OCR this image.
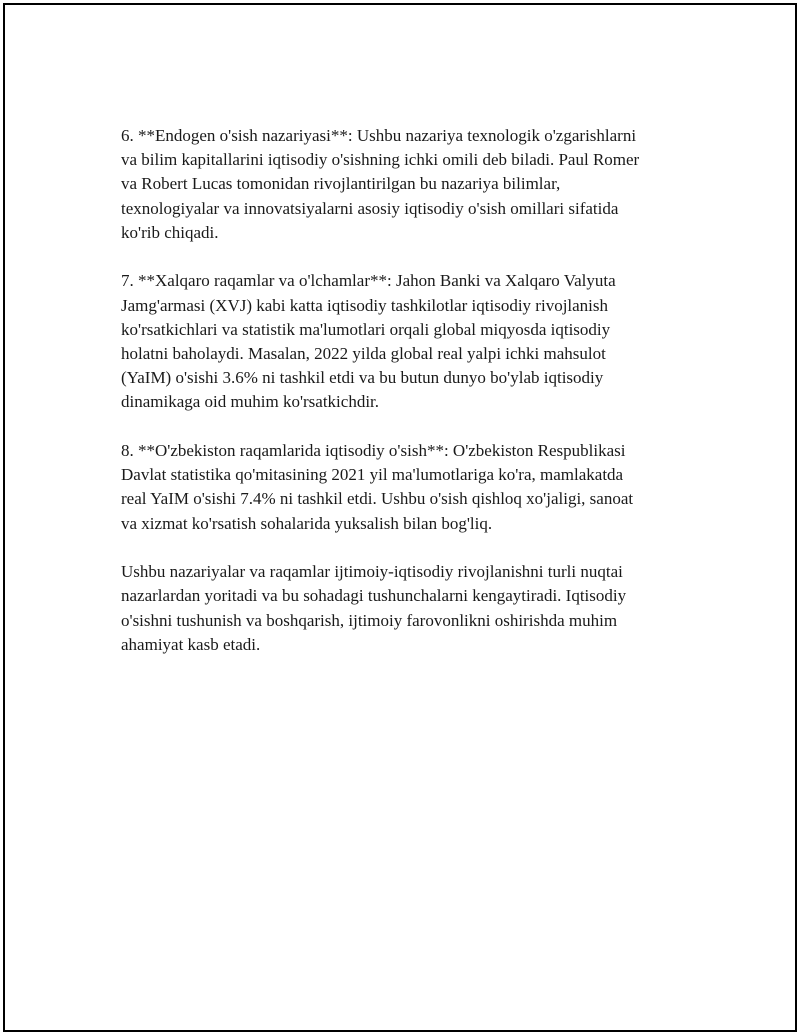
6. **Endogen o'sish nazariyasi**: Ushbu nazariya texnologik o'zgarishlarni
va bilim kapitallarini iqtisodiy o'sishning ichki omili deb biladi. Paul Romer
va Robert Lucas tomonidan rivojlantirilgan bu nazariya bilimlar,
texnologiyalar va innovatsiyalarni asosiy iqtisodiy o'sish omillari sifatida
ko'rib chiqadi.

7. **Xalqaro raqamlar va o'lchamlar**: Jahon Banki va Xalqaro Valyuta
Jamg'armasi (XVJ) kabi katta iqtisodiy tashkilotlar iqtisodiy rivojlanish
ko'rsatkichlari va statistik ma'lumotlari orqali global miqyosda iqtisodiy
holatni baholaydi. Masalan, 2022 yilda global real yalpi ichki mahsulot
(YaIM) o'sishi 3.6% ni tashkil etdi va bu butun dunyo bo'ylab iqtisodiy
dinamikaga oid muhim ko'rsatkichdir.

8. **O'zbekiston raqamlarida iqtisodiy o'sish**: O'zbekiston Respublikasi
Davlat statistika qo'mitasining 2021 yil ma'lumotlariga ko'ra, mamlakatda
real YaIM o'sishi 7.4% ni tashkil etdi. Ushbu o'sish qishloq xo'jaligi, sanoat
va xizmat ko'rsatish sohalarida yuksalish bilan bog'liq.

Ushbu nazariyalar va raqamlar ijtimoiy-iqtisodiy rivojlanishni turli nuqtai
nazarlardan yoritadi va bu sohadagi tushunchalarni kengaytiradi. Iqtisodiy
o'sishni tushunish va boshqarish, ijtimoiy farovonlikni oshirishda muhim
ahamiyat kasb etadi.
